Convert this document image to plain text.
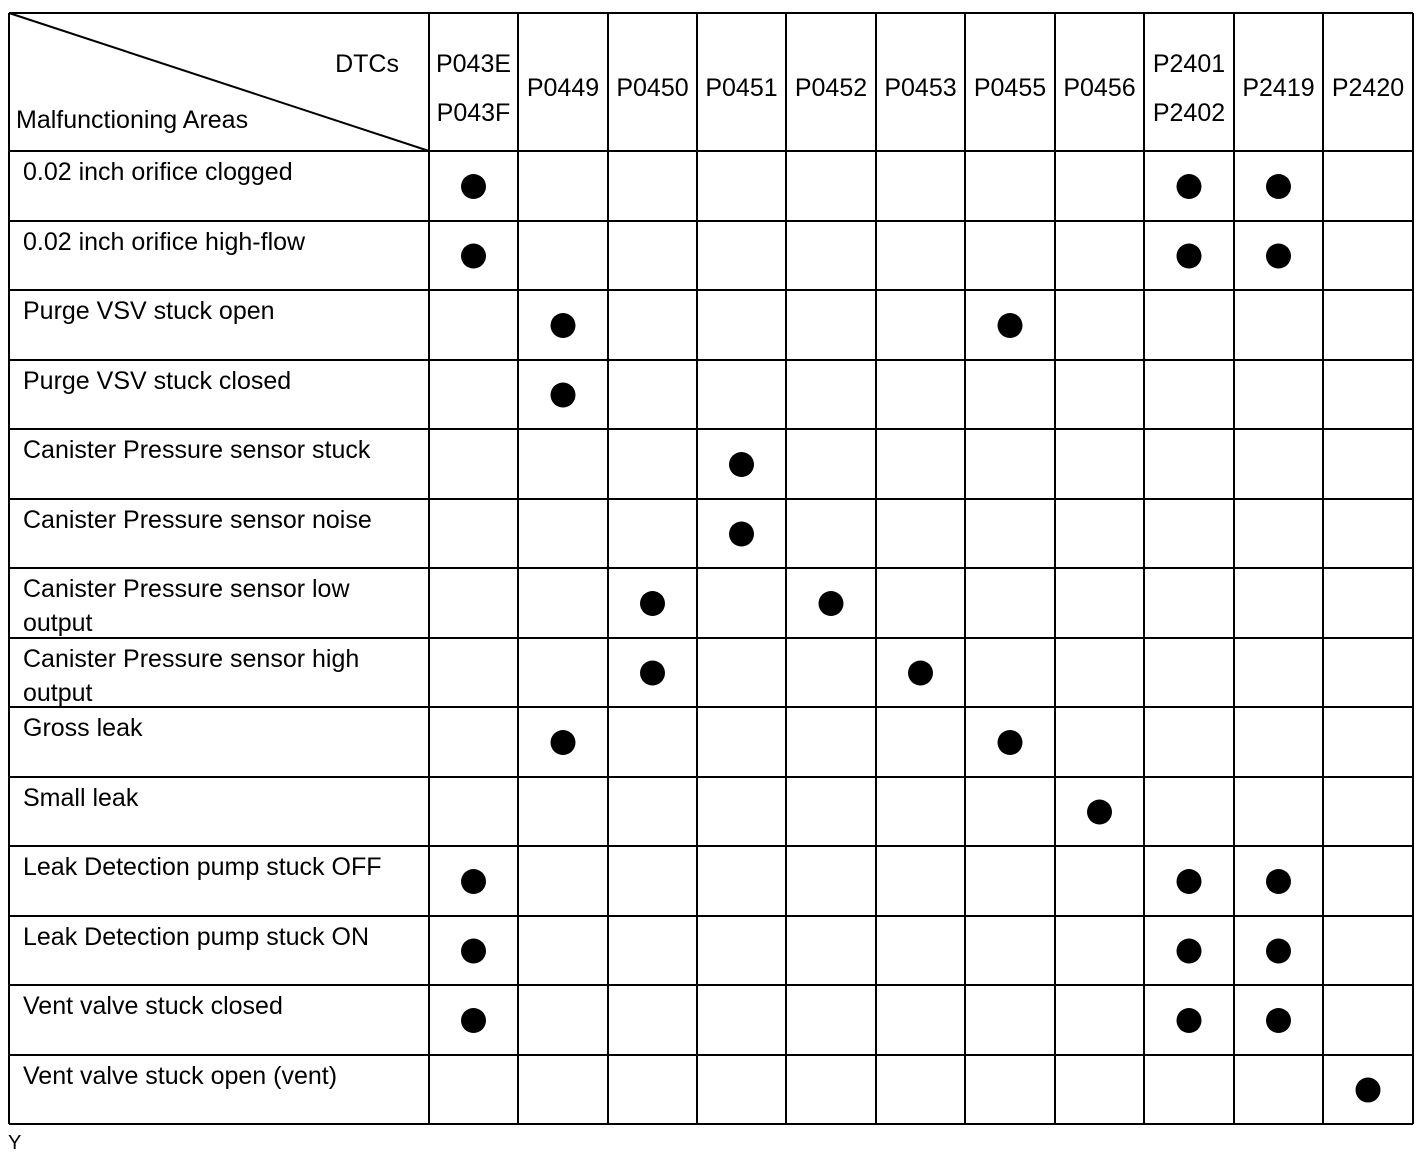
DTCs
Malfunctioning Areas
P043E
P043F
P0449 P0450 P0451 P0452 P0453 P0455 P0456
P2401
P2402
P2419 P2420
0.02 inch orifice clogged
0.02 inch orifice high-flow
Purge VSV stuck open
Purge VSV stuck closed
Canister Pressure sensor stuck
Canister Pressure sensor noise
Canister Pressure sensor low
output
Canister Pressure sensor high
output
Gross leak
Small leak
Leak Detection pump stuck OFF
Leak Detection pump stuck ON
Vent valve stuck closed
Vent valve stuck open (vent)
Y
